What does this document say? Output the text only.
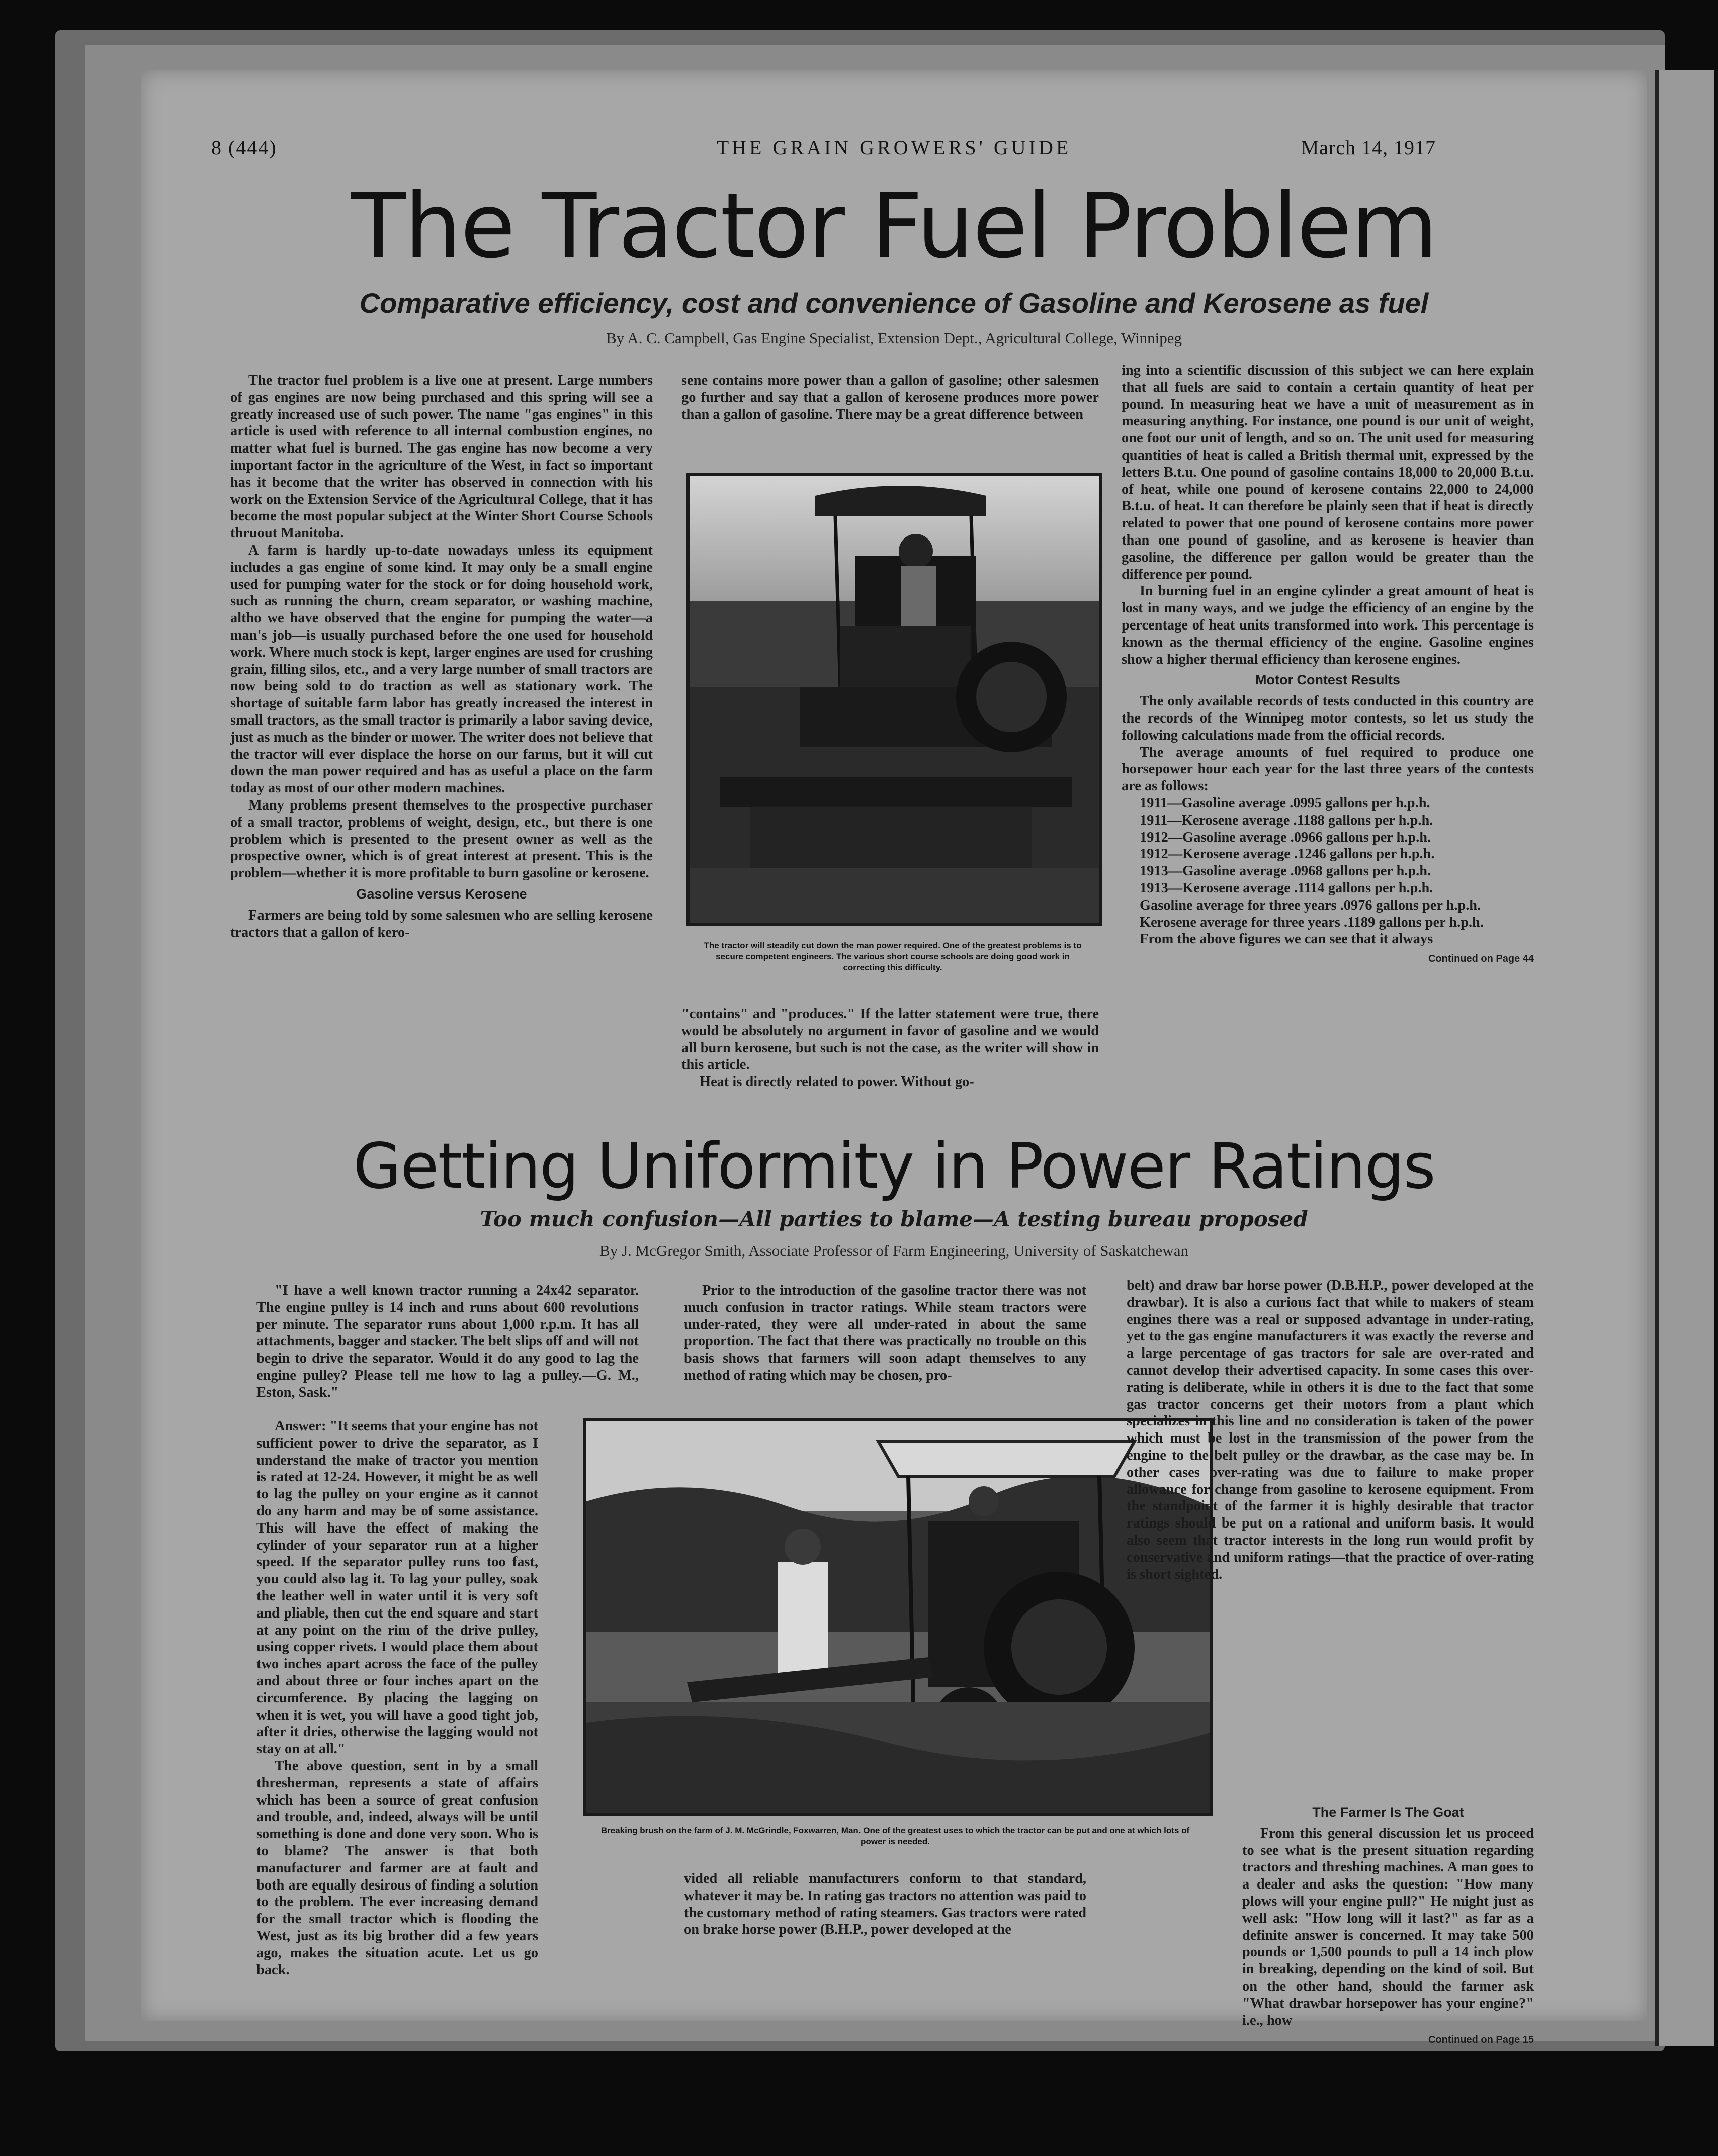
8 (444)	THE GRAIN GROWERS' GUIDE	March 14, 1917
The Tractor Fuel Problem
Comparative efficiency, cost and convenience of Gasoline and Kerosene as fuel
By A. C. Campbell, Gas Engine Specialist, Extension Dept., Agricultural College, Winnipeg

The tractor fuel problem is a live one at present. Large numbers of gas engines are now being purchased and this spring will see a greatly increased use of such power. The name "gas engines" in this article is used with reference to all internal combustion engines, no matter what fuel is burned. The gas engine has now become a very important factor in the agriculture of the West, in fact so important has it become that the writer has observed in connection with his work on the Extension Service of the Agricultural College, that it has become the most popular subject at the Winter Short Course Schools thruout Manitoba.

A farm is hardly up-to-date nowadays unless its equipment includes a gas engine of some kind. It may only be a small engine used for pumping water for the stock or for doing household work, such as running the churn, cream separator, or washing machine, altho we have observed that the engine for pumping the water—a man's job—is usually purchased before the one used for household work. Where much stock is kept, larger engines are used for crushing grain, filling silos, etc., and a very large number of small tractors are now being sold to do traction as well as stationary work. The shortage of suitable farm labor has greatly increased the interest in small tractors, as the small tractor is primarily a labor saving device, just as much as the binder or mower. The writer does not believe that the tractor will ever displace the horse on our farms, but it will cut down the man power required and has as useful a place on the farm today as most of our other modern machines.

Many problems present themselves to the prospective purchaser of a small tractor, problems of weight, design, etc., but there is one problem which is presented to the present owner as well as the prospective owner, which is of great interest at present. This is the problem—whether it is more profitable to burn gasoline or kerosene.

Gasoline versus Kerosene

Farmers are being told by some salesmen who are selling kerosene tractors that a gallon of kero-

sene contains more power than a gallon of gasoline; other salesmen go further and say that a gallon of kerosene produces more power than a gallon of gasoline. There may be a great difference between

The tractor will steadily cut down the man power required. One of the greatest problems is to secure competent engineers. The various short course schools are doing good work in correcting this difficulty.

"contains" and "produces." If the latter statement were true, there would be absolutely no argument in favor of gasoline and we would all burn kerosene, but such is not the case, as the writer will show in this article.

Heat is directly related to power. Without go-

ing into a scientific discussion of this subject we can here explain that all fuels are said to contain a certain quantity of heat per pound. In measuring heat we have a unit of measurement as in measuring anything. For instance, one pound is our unit of weight, one foot our unit of length, and so on. The unit used for measuring quantities of heat is called a British thermal unit, expressed by the letters B.t.u. One pound of gasoline contains 18,000 to 20,000 B.t.u. of heat, while one pound of kerosene contains 22,000 to 24,000 B.t.u. of heat. It can therefore be plainly seen that if heat is directly related to power that one pound of kerosene contains more power than one pound of gasoline, and as kerosene is heavier than gasoline, the difference per gallon would be greater than the difference per pound.

In burning fuel in an engine cylinder a great amount of heat is lost in many ways, and we judge the efficiency of an engine by the percentage of heat units transformed into work. This percentage is known as the thermal efficiency of the engine. Gasoline engines show a higher thermal efficiency than kerosene engines.

Motor Contest Results

The only available records of tests conducted in this country are the records of the Winnipeg motor contests, so let us study the following calculations made from the official records.

The average amounts of fuel required to produce one horsepower hour each year for the last three years of the contests are as follows:

1911—Gasoline average .0995 gallons per h.p.h.
1911—Kerosene average .1188 gallons per h.p.h.
1912—Gasoline average .0966 gallons per h.p.h.
1912—Kerosene average .1246 gallons per h.p.h.
1913—Gasoline average .0968 gallons per h.p.h.
1913—Kerosene average .1114 gallons per h.p.h.

Gasoline average for three years .0976 gallons per h.p.h.

Kerosene average for three years .1189 gallons per h.p.h.

From the above figures we can see that it always

Continued on Page 44
Getting Uniformity in Power Ratings
Too much confusion—All parties to blame—A testing bureau proposed
By J. McGregor Smith, Associate Professor of Farm Engineering, University of Saskatchewan

"I have a well known tractor running a 24x42 separator. The engine pulley is 14 inch and runs about 600 revolutions per minute. The separator runs about 1,000 r.p.m. It has all attachments, bagger and stacker. The belt slips off and will not begin to drive the separator. Would it do any good to lag the engine pulley? Please tell me how to lag a pulley.—G. M., Eston, Sask."

Answer: "It seems that your engine has not sufficient power to drive the separator, as I understand the make of tractor you mention is rated at 12-24. However, it might be as well to lag the pulley on your engine as it cannot do any harm and may be of some assistance. This will have the effect of making the cylinder of your separator run at a higher speed. If the separator pulley runs too fast, you could also lag it. To lag your pulley, soak the leather well in water until it is very soft and pliable, then cut the end square and start at any point on the rim of the drive pulley, using copper rivets. I would place them about two inches apart across the face of the pulley and about three or four inches apart on the circumference. By placing the lagging on when it is wet, you will have a good tight job, after it dries, otherwise the lagging would not stay on at all."

The above question, sent in by a small thresherman, represents a state of affairs which has been a source of great confusion and trouble, and, indeed, always will be until something is done and done very soon. Who is to blame? The answer is that both manufacturer and farmer are at fault and both are equally desirous of finding a solution to the problem. The ever increasing demand for the small tractor which is flooding the West, just as its big brother did a few years ago, makes the situation acute. Let us go back.

Prior to the introduction of the gasoline tractor there was not much confusion in tractor ratings. While steam tractors were under-rated, they were all under-rated in about the same proportion. The fact that there was practically no trouble on this basis shows that farmers will soon adapt themselves to any method of rating which may be chosen, pro-

Breaking brush on the farm of J. M. McGrindle, Foxwarren, Man. One of the greatest uses to which the tractor can be put and one at which lots of power is needed.

vided all reliable manufacturers conform to that standard, whatever it may be. In rating gas tractors no attention was paid to the customary method of rating steamers. Gas tractors were rated on brake horse power (B.H.P., power developed at the

belt) and draw bar horse power (D.B.H.P., power developed at the drawbar). It is also a curious fact that while to makers of steam engines there was a real or supposed advantage in under-rating, yet to the gas engine manufacturers it was exactly the reverse and a large percentage of gas tractors for sale are over-rated and cannot develop their advertised capacity. In some cases this over-rating is deliberate, while in others it is due to the fact that some gas tractor concerns get their motors from a plant which specializes in this line and no consideration is taken of the power which must be lost in the transmission of the power from the engine to the belt pulley or the drawbar, as the case may be. In other cases over-rating was due to failure to make proper allowance for change from gasoline to kerosene equipment. From the standpoint of the farmer it is highly desirable that tractor ratings should be put on a rational and uniform basis. It would also seem that tractor interests in the long run would profit by conservative and uniform ratings—that the practice of over-rating is short sighted.

The Farmer Is The Goat

From this general discussion let us proceed to see what is the present situation regarding tractors and threshing machines. A man goes to a dealer and asks the question: "How many plows will your engine pull?" He might just as well ask: "How long will it last?" as far as a definite answer is concerned. It may take 500 pounds or 1,500 pounds to pull a 14 inch plow in breaking, depending on the kind of soil. But on the other hand, should the farmer ask "What drawbar horsepower has your engine?" i.e., how

Continued on Page 15
